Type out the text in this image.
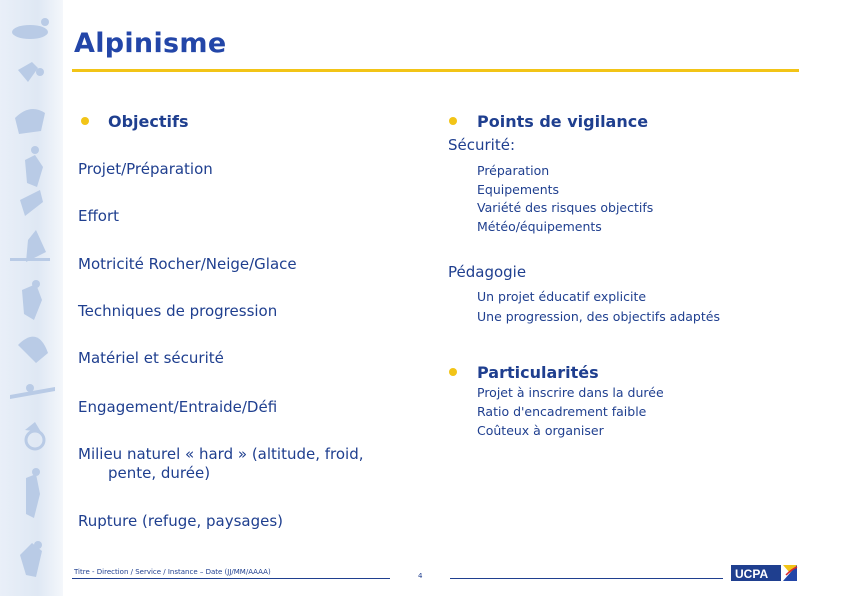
Alpinisme
Objectifs
Projet/Préparation
Effort
Motricité Rocher/Neige/Glace
Techniques de progression
Matériel et sécurité
Engagement/Entraide/Défi
Milieu naturel « hard » (altitude, froid,
pente, durée)
Rupture (refuge, paysages)
Points de vigilance
Sécurité:
Préparation
Equipements
Variété des risques objectifs
Météo/équipements
Pédagogie
Un projet éducatif explicite
Une progression, des objectifs adaptés
Particularités
Projet à inscrire dans la durée
Ratio d'encadrement faible
Coûteux à organiser
Titre - Direction / Service / Instance – Date (JJ/MM/AAAA)	4	UCPA
